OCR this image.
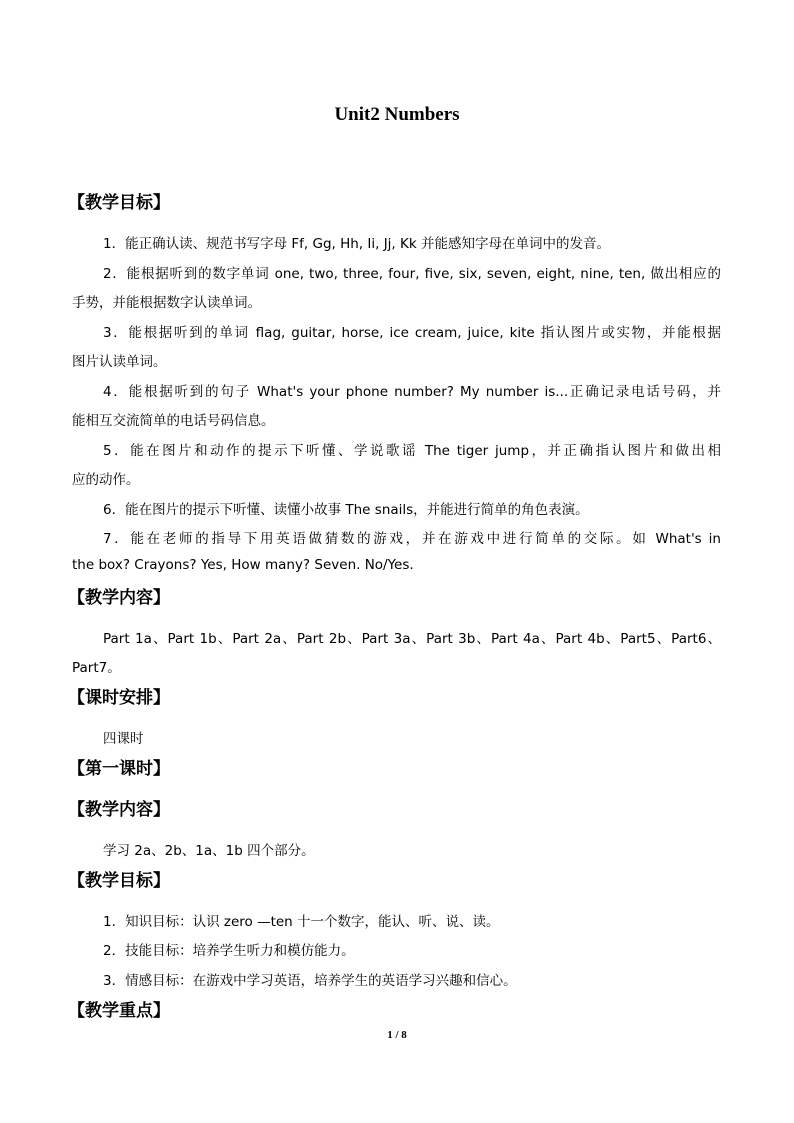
Unit2 Numbers
【教学目标】
1．能正确认读、规范书写字母 Ff, Gg, Hh, Ii, Jj, Kk 并能感知字母在单词中的发音。
2．能根据听到的数字单词 one, two, three, four, five, six, seven, eight, nine, ten, 做出相应的
手势，并能根据数字认读单词。
3．能根据听到的单词 flag, guitar, horse, ice cream, juice, kite 指认图片或实物，并能根据
图片认读单词。
4．能根据听到的句子 What's your phone number? My number is...正确记录电话号码，并
能相互交流简单的电话号码信息。
5．能在图片和动作的提示下听懂、学说歌谣 The tiger jump，并正确指认图片和做出相
应的动作。
6．能在图片的提示下听懂、读懂小故事 The snails，并能进行简单的角色表演。
7．能在老师的指导下用英语做猜数的游戏，并在游戏中进行简单的交际。如 What's in
the box? Crayons? Yes, How many? Seven. No/Yes.
【教学内容】
Part 1a、Part 1b、Part 2a、Part 2b、Part 3a、Part 3b、Part 4a、Part 4b、Part5、Part6、
Part7。
【课时安排】
四课时
【第一课时】
【教学内容】
学习 2a、2b、1a、1b 四个部分。
【教学目标】
1．知识目标：认识 zero —ten 十一个数字，能认、听、说、读。
2．技能目标：培养学生听力和模仿能力。
3．情感目标：在游戏中学习英语，培养学生的英语学习兴趣和信心。
【教学重点】
1 / 8
